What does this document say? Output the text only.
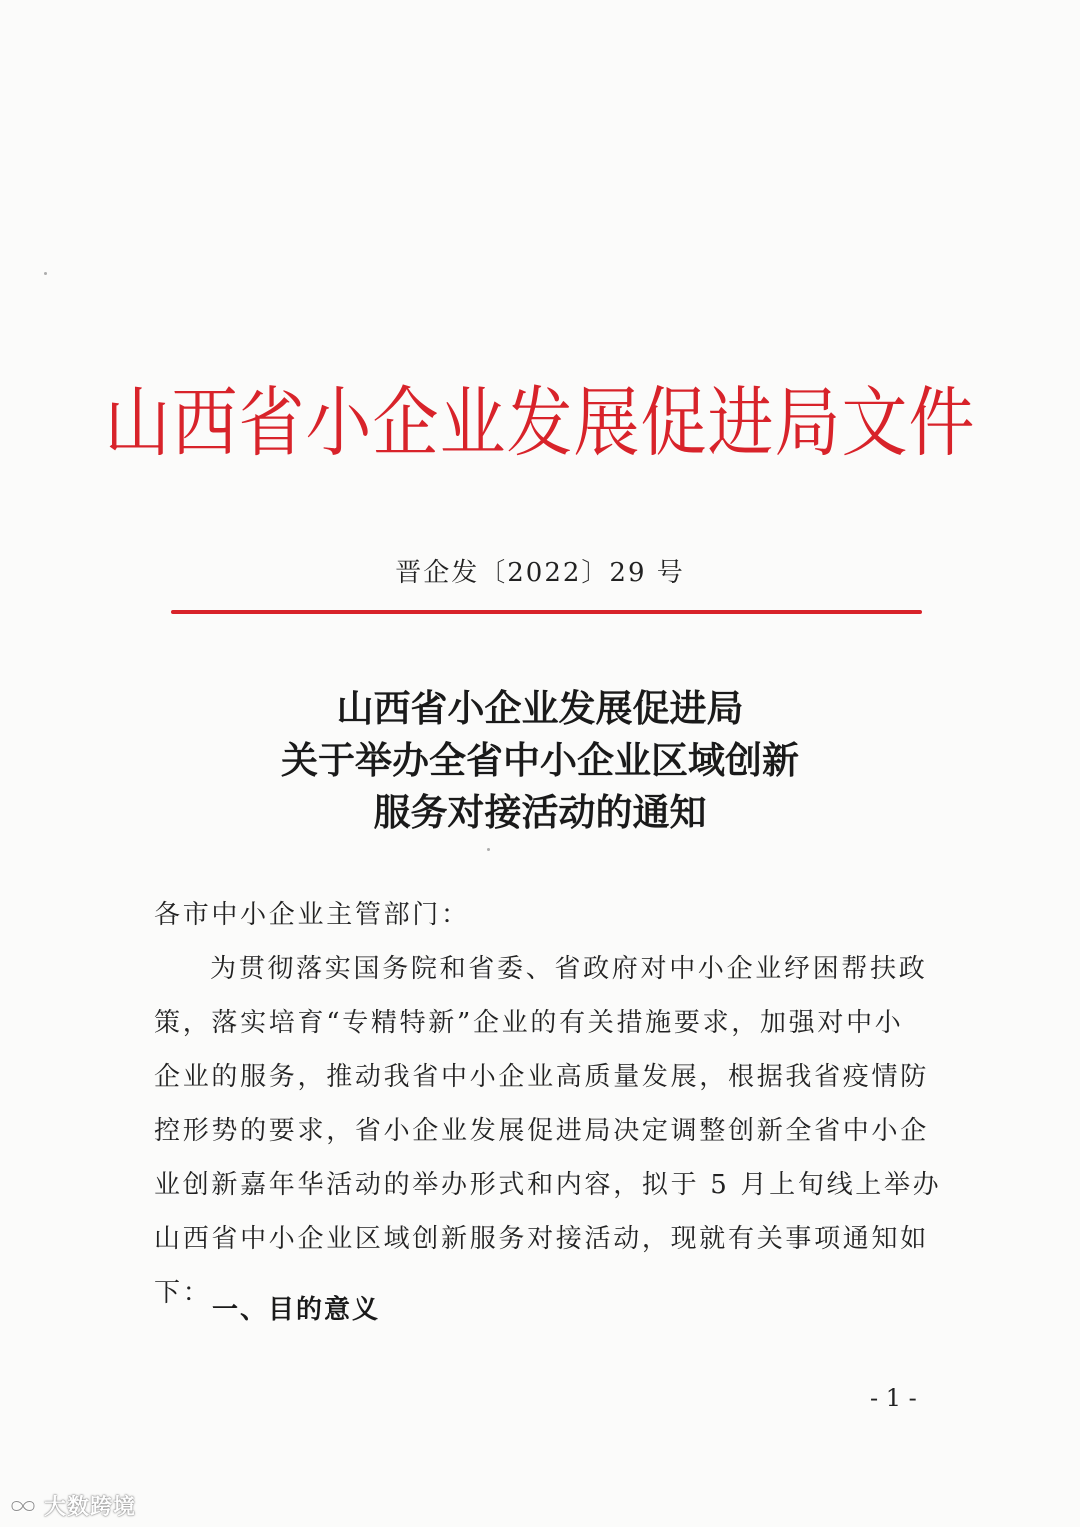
山西省小企业发展促进局文件
晋企发〔2022〕29 号
山西省小企业发展促进局
关于举办全省中小企业区域创新
服务对接活动的通知
各市中小企业主管部门：
为贯彻落实国务院和省委、省政府对中小企业纾困帮扶政
策，落实培育“专精特新”企业的有关措施要求，加强对中小
企业的服务，推动我省中小企业高质量发展，根据我省疫情防
控形势的要求，省小企业发展促进局决定调整创新全省中小企
业创新嘉年华活动的举办形式和内容，拟于 5 月上旬线上举办
山西省中小企业区域创新服务对接活动，现就有关事项通知如
下：
一、目的意义
- 1 -
大数跨境
